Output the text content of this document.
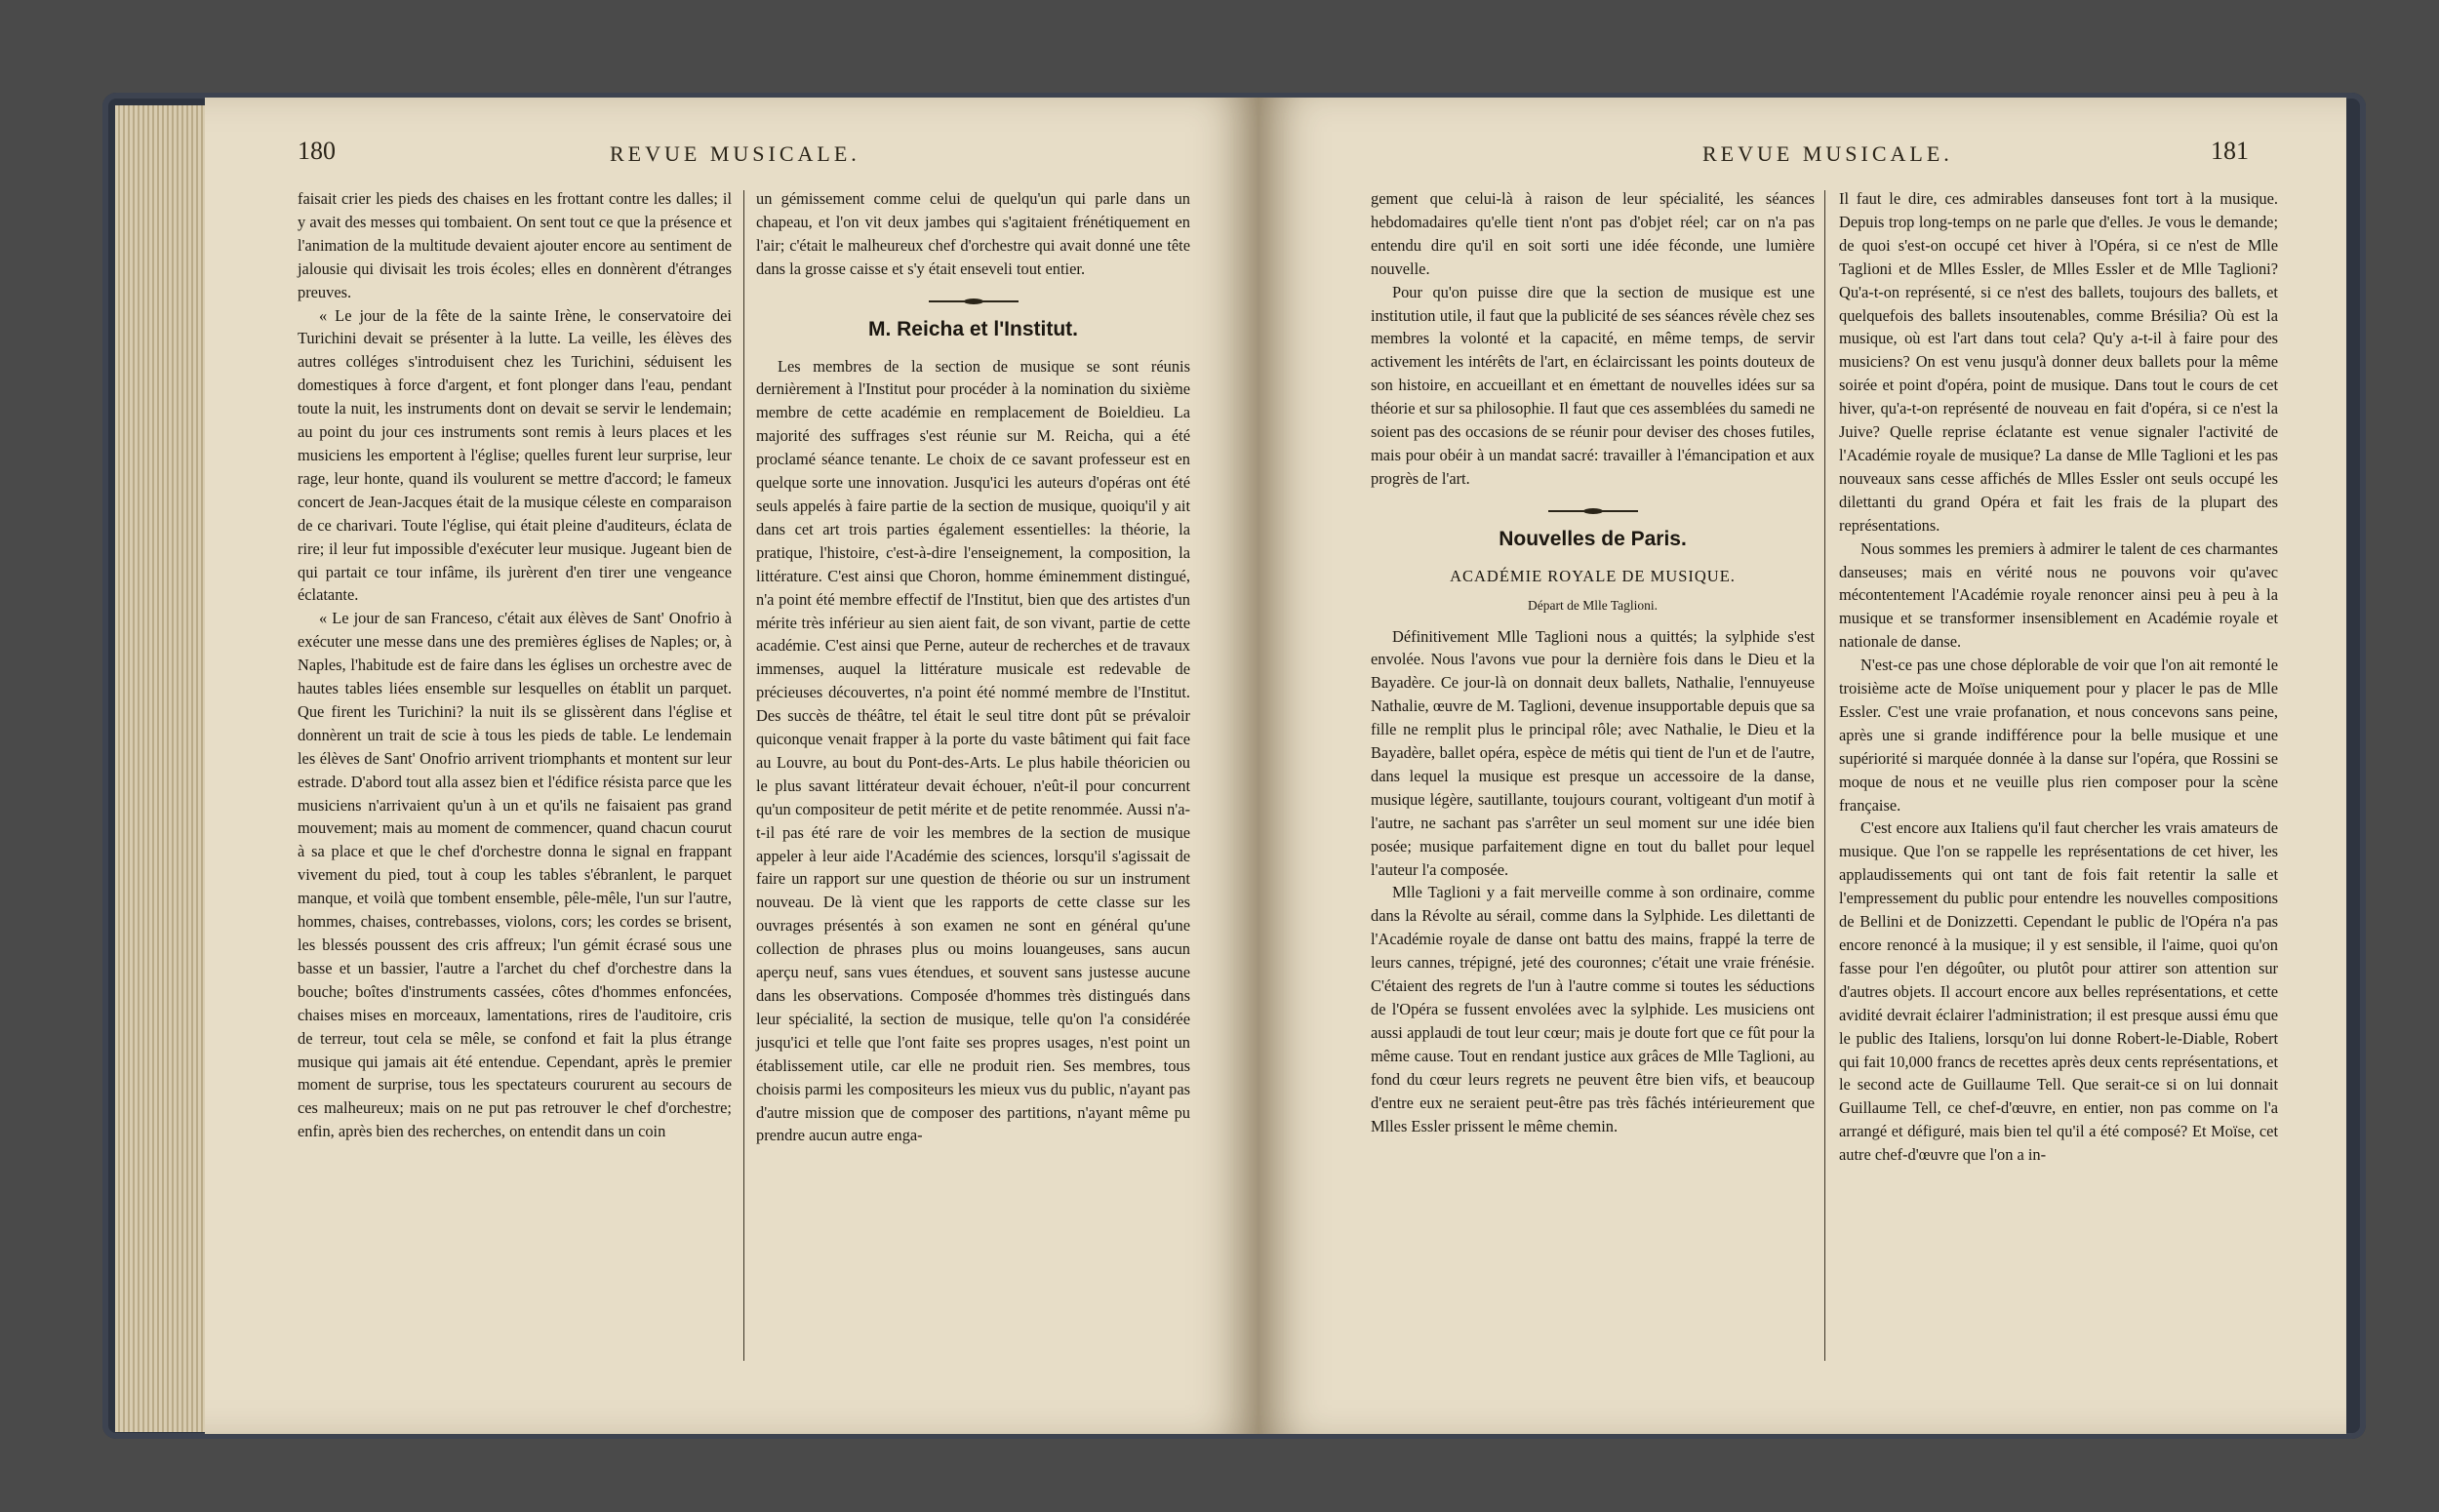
180	REVUE MUSICALE.

faisait crier les pieds des chaises en les frottant contre les dalles; il y avait des messes qui tombaient. On sent tout ce que la présence et l'animation de la multitude devaient ajouter encore au sentiment de jalousie qui divisait les trois écoles; elles en donnèrent d'étranges preuves.

« Le jour de la fête de la sainte Irène, le conservatoire dei Turichini devait se présenter à la lutte. La veille, les élèves des autres colléges s'introduisent chez les Turichini, séduisent les domestiques à force d'argent, et font plonger dans l'eau, pendant toute la nuit, les instruments dont on devait se servir le lendemain; au point du jour ces instruments sont remis à leurs places et les musiciens les emportent à l'église; quelles furent leur surprise, leur rage, leur honte, quand ils voulurent se mettre d'accord; le fameux concert de Jean-Jacques était de la musique céleste en comparaison de ce charivari. Toute l'église, qui était pleine d'auditeurs, éclata de rire; il leur fut impossible d'exécuter leur musique. Jugeant bien de qui partait ce tour infâme, ils jurèrent d'en tirer une vengeance éclatante.

« Le jour de san Franceso, c'était aux élèves de Sant' Onofrio à exécuter une messe dans une des premières églises de Naples; or, à Naples, l'habitude est de faire dans les églises un orchestre avec de hautes tables liées ensemble sur lesquelles on établit un parquet. Que firent les Turichini? la nuit ils se glissèrent dans l'église et donnèrent un trait de scie à tous les pieds de table. Le lendemain les élèves de Sant' Onofrio arrivent triomphants et montent sur leur estrade. D'abord tout alla assez bien et l'édifice résista parce que les musiciens n'arrivaient qu'un à un et qu'ils ne faisaient pas grand mouvement; mais au moment de commencer, quand chacun courut à sa place et que le chef d'orchestre donna le signal en frappant vivement du pied, tout à coup les tables s'ébranlent, le parquet manque, et voilà que tombent ensemble, pêle-mêle, l'un sur l'autre, hommes, chaises, contrebasses, violons, cors; les cordes se brisent, les blessés poussent des cris affreux; l'un gémit écrasé sous une basse et un bassier, l'autre a l'archet du chef d'orchestre dans la bouche; boîtes d'instruments cassées, côtes d'hommes enfoncées, chaises mises en morceaux, lamentations, rires de l'auditoire, cris de terreur, tout cela se mêle, se confond et fait la plus étrange musique qui jamais ait été entendue. Cependant, après le premier moment de surprise, tous les spectateurs coururent au secours de ces malheureux; mais on ne put pas retrouver le chef d'orchestre; enfin, après bien des recherches, on entendit dans un coin

un gémissement comme celui de quelqu'un qui parle dans un chapeau, et l'on vit deux jambes qui s'agitaient frénétiquement en l'air; c'était le malheureux chef d'orchestre qui avait donné une tête dans la grosse caisse et s'y était enseveli tout entier.

M. Reicha et l'Institut.

Les membres de la section de musique se sont réunis dernièrement à l'Institut pour procéder à la nomination du sixième membre de cette académie en remplacement de Boieldieu. La majorité des suffrages s'est réunie sur M. Reicha, qui a été proclamé séance tenante. Le choix de ce savant professeur est en quelque sorte une innovation. Jusqu'ici les auteurs d'opéras ont été seuls appelés à faire partie de la section de musique, quoiqu'il y ait dans cet art trois parties également essentielles: la théorie, la pratique, l'histoire, c'est-à-dire l'enseignement, la composition, la littérature. C'est ainsi que Choron, homme éminemment distingué, n'a point été membre effectif de l'Institut, bien que des artistes d'un mérite très inférieur au sien aient fait, de son vivant, partie de cette académie. C'est ainsi que Perne, auteur de recherches et de travaux immenses, auquel la littérature musicale est redevable de précieuses découvertes, n'a point été nommé membre de l'Institut. Des succès de théâtre, tel était le seul titre dont pût se prévaloir quiconque venait frapper à la porte du vaste bâtiment qui fait face au Louvre, au bout du Pont-des-Arts. Le plus habile théoricien ou le plus savant littérateur devait échouer, n'eût-il pour concurrent qu'un compositeur de petit mérite et de petite renommée. Aussi n'a-t-il pas été rare de voir les membres de la section de musique appeler à leur aide l'Académie des sciences, lorsqu'il s'agissait de faire un rapport sur une question de théorie ou sur un instrument nouveau. De là vient que les rapports de cette classe sur les ouvrages présentés à son examen ne sont en général qu'une collection de phrases plus ou moins louangeuses, sans aucun aperçu neuf, sans vues étendues, et souvent sans justesse aucune dans les observations. Composée d'hommes très distingués dans leur spécialité, la section de musique, telle qu'on l'a considérée jusqu'ici et telle que l'ont faite ses propres usages, n'est point un établissement utile, car elle ne produit rien. Ses membres, tous choisis parmi les compositeurs les mieux vus du public, n'ayant pas d'autre mission que de composer des partitions, n'ayant même pu prendre aucun autre enga-

REVUE MUSICALE.	181

gement que celui-là à raison de leur spécialité, les séances hebdomadaires qu'elle tient n'ont pas d'objet réel; car on n'a pas entendu dire qu'il en soit sorti une idée féconde, une lumière nouvelle.

Pour qu'on puisse dire que la section de musique est une institution utile, il faut que la publicité de ses séances révèle chez ses membres la volonté et la capacité, en même temps, de servir activement les intérêts de l'art, en éclaircissant les points douteux de son histoire, en accueillant et en émettant de nouvelles idées sur sa théorie et sur sa philosophie. Il faut que ces assemblées du samedi ne soient pas des occasions de se réunir pour deviser des choses futiles, mais pour obéir à un mandat sacré: travailler à l'émancipation et aux progrès de l'art.

Nouvelles de Paris.
ACADÉMIE ROYALE DE MUSIQUE.
Départ de Mlle Taglioni.

Définitivement Mlle Taglioni nous a quittés; la sylphide s'est envolée. Nous l'avons vue pour la dernière fois dans le Dieu et la Bayadère. Ce jour-là on donnait deux ballets, Nathalie, l'ennuyeuse Nathalie, œuvre de M. Taglioni, devenue insupportable depuis que sa fille ne remplit plus le principal rôle; avec Nathalie, le Dieu et la Bayadère, ballet opéra, espèce de métis qui tient de l'un et de l'autre, dans lequel la musique est presque un accessoire de la danse, musique légère, sautillante, toujours courant, voltigeant d'un motif à l'autre, ne sachant pas s'arrêter un seul moment sur une idée bien posée; musique parfaitement digne en tout du ballet pour lequel l'auteur l'a composée.

Mlle Taglioni y a fait merveille comme à son ordinaire, comme dans la Révolte au sérail, comme dans la Sylphide. Les dilettanti de l'Académie royale de danse ont battu des mains, frappé la terre de leurs cannes, trépigné, jeté des couronnes; c'était une vraie frénésie. C'étaient des regrets de l'un à l'autre comme si toutes les séductions de l'Opéra se fussent envolées avec la sylphide. Les musiciens ont aussi applaudi de tout leur cœur; mais je doute fort que ce fût pour la même cause. Tout en rendant justice aux grâces de Mlle Taglioni, au fond du cœur leurs regrets ne peuvent être bien vifs, et beaucoup d'entre eux ne seraient peut-être pas très fâchés intérieurement que Mlles Essler prissent le même chemin.

Il faut le dire, ces admirables danseuses font tort à la musique. Depuis trop long-temps on ne parle que d'elles. Je vous le demande; de quoi s'est-on occupé cet hiver à l'Opéra, si ce n'est de Mlle Taglioni et de Mlles Essler, de Mlles Essler et de Mlle Taglioni? Qu'a-t-on représenté, si ce n'est des ballets, toujours des ballets, et quelquefois des ballets insoutenables, comme Brésilia? Où est la musique, où est l'art dans tout cela? Qu'y a-t-il à faire pour des musiciens? On est venu jusqu'à donner deux ballets pour la même soirée et point d'opéra, point de musique. Dans tout le cours de cet hiver, qu'a-t-on représenté de nouveau en fait d'opéra, si ce n'est la Juive? Quelle reprise éclatante est venue signaler l'activité de l'Académie royale de musique? La danse de Mlle Taglioni et les pas nouveaux sans cesse affichés de Mlles Essler ont seuls occupé les dilettanti du grand Opéra et fait les frais de la plupart des représentations.

Nous sommes les premiers à admirer le talent de ces charmantes danseuses; mais en vérité nous ne pouvons voir qu'avec mécontentement l'Académie royale renoncer ainsi peu à peu à la musique et se transformer insensiblement en Académie royale et nationale de danse.

N'est-ce pas une chose déplorable de voir que l'on ait remonté le troisième acte de Moïse uniquement pour y placer le pas de Mlle Essler. C'est une vraie profanation, et nous concevons sans peine, après une si grande indifférence pour la belle musique et une supériorité si marquée donnée à la danse sur l'opéra, que Rossini se moque de nous et ne veuille plus rien composer pour la scène française.

C'est encore aux Italiens qu'il faut chercher les vrais amateurs de musique. Que l'on se rappelle les représentations de cet hiver, les applaudissements qui ont tant de fois fait retentir la salle et l'empressement du public pour entendre les nouvelles compositions de Bellini et de Donizzetti. Cependant le public de l'Opéra n'a pas encore renoncé à la musique; il y est sensible, il l'aime, quoi qu'on fasse pour l'en dégoûter, ou plutôt pour attirer son attention sur d'autres objets. Il accourt encore aux belles représentations, et cette avidité devrait éclairer l'administration; il est presque aussi ému que le public des Italiens, lorsqu'on lui donne Robert-le-Diable, Robert qui fait 10,000 francs de recettes après deux cents représentations, et le second acte de Guillaume Tell. Que serait-ce si on lui donnait Guillaume Tell, ce chef-d'œuvre, en entier, non pas comme on l'a arrangé et défiguré, mais bien tel qu'il a été composé? Et Moïse, cet autre chef-d'œuvre que l'on a in-
